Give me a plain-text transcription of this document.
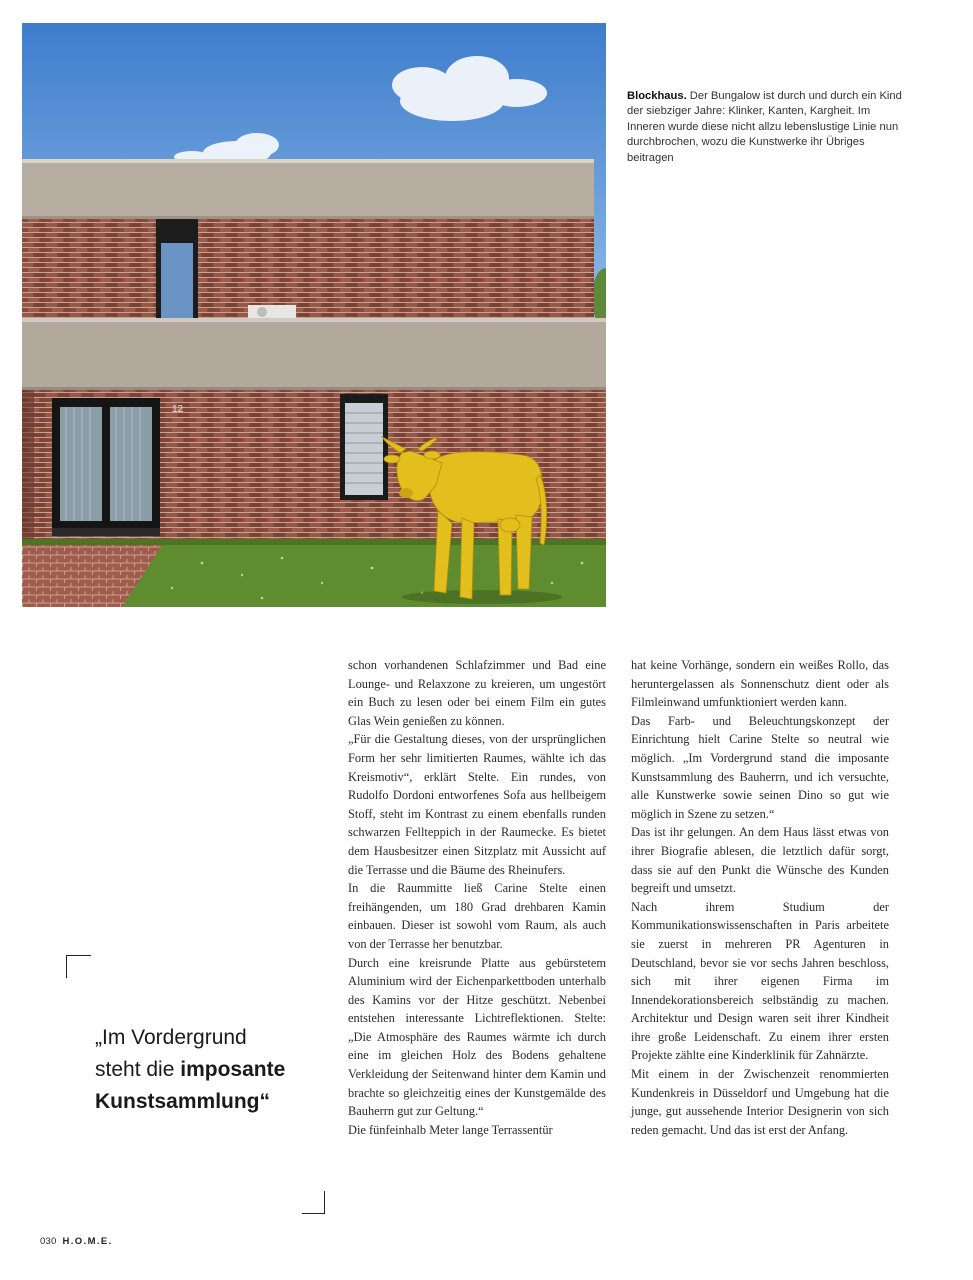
12
Blockhaus. Der Bungalow ist durch und durch ein Kind der siebziger Jahre: Klinker, Kanten, Kargheit. Im Inneren wurde diese nicht allzu lebenslustige Linie nun durchbrochen, wozu die Kunstwerke ihr Übriges beitragen
„Im Vordergrund
steht die imposante
Kunstsammlung“

schon vorhandenen Schlafzimmer und Bad eine Lounge- und Relaxzone zu kreieren, um ungestört ein Buch zu lesen oder bei einem Film ein gutes Glas Wein genießen zu können.

„Für die Gestaltung dieses, von der ursprünglichen Form her sehr limitierten Raumes, wählte ich das Kreismotiv“, erklärt Stelte. Ein rundes, von Rudolfo Dordoni entworfenes Sofa aus hellbeigem Stoff, steht im Kontrast zu einem ebenfalls runden schwarzen Fellteppich in der Raumecke. Es bietet dem Hausbesitzer einen Sitzplatz mit Aussicht auf die Terrasse und die Bäume des Rheinufers.

In die Raummitte ließ Carine Stelte einen freihängenden, um 180 Grad drehbaren Kamin einbauen. Dieser ist sowohl vom Raum, als auch von der Terrasse her benutzbar.

Durch eine kreisrunde Platte aus gebürstetem Aluminium wird der Eichenparkettboden unterhalb des Kamins vor der Hitze geschützt. Nebenbei entstehen interessante Lichtreflektionen. Stelte: „Die Atmosphäre des Raumes wärmte ich durch eine im gleichen Holz des Bodens gehaltene Verkleidung der Seitenwand hinter dem Kamin und brachte so gleichzeitig eines der Kunstgemälde des Bauherrn gut zur Geltung.“

Die fünfeinhalb Meter lange Terrassentür

hat keine Vorhänge, sondern ein weißes Rollo, das heruntergelassen als Sonnenschutz dient oder als Filmleinwand umfunktioniert werden kann.

Das Farb- und Beleuchtungskonzept der Einrichtung hielt Carine Stelte so neutral wie möglich. „Im Vordergrund stand die imposante Kunstsammlung des Bauherrn, und ich versuchte, alle Kunstwerke sowie seinen Dino so gut wie möglich in Szene zu setzen.“

Das ist ihr gelungen. An dem Haus lässt etwas von ihrer Biografie ablesen, die letztlich dafür sorgt, dass sie auf den Punkt die Wünsche des Kunden begreift und umsetzt.

Nach ihrem Studium der Kommunikationswissenschaften in Paris arbeitete sie zuerst in mehreren PR Agenturen in Deutschland, bevor sie vor sechs Jahren beschloss, sich mit ihrer eigenen Firma im Innendekorationsbereich selbständig zu machen. Architektur und Design waren seit ihrer Kindheit ihre große Leidenschaft. Zu einem ihrer ersten Projekte zählte eine Kinderklinik für Zahnärzte.

Mit einem in der Zwischenzeit renommierten Kundenkreis in Düsseldorf und Umgebung hat die junge, gut aussehende Interior Designerin von sich reden gemacht. Und das ist erst der Anfang.

030 H.O.M.E.
